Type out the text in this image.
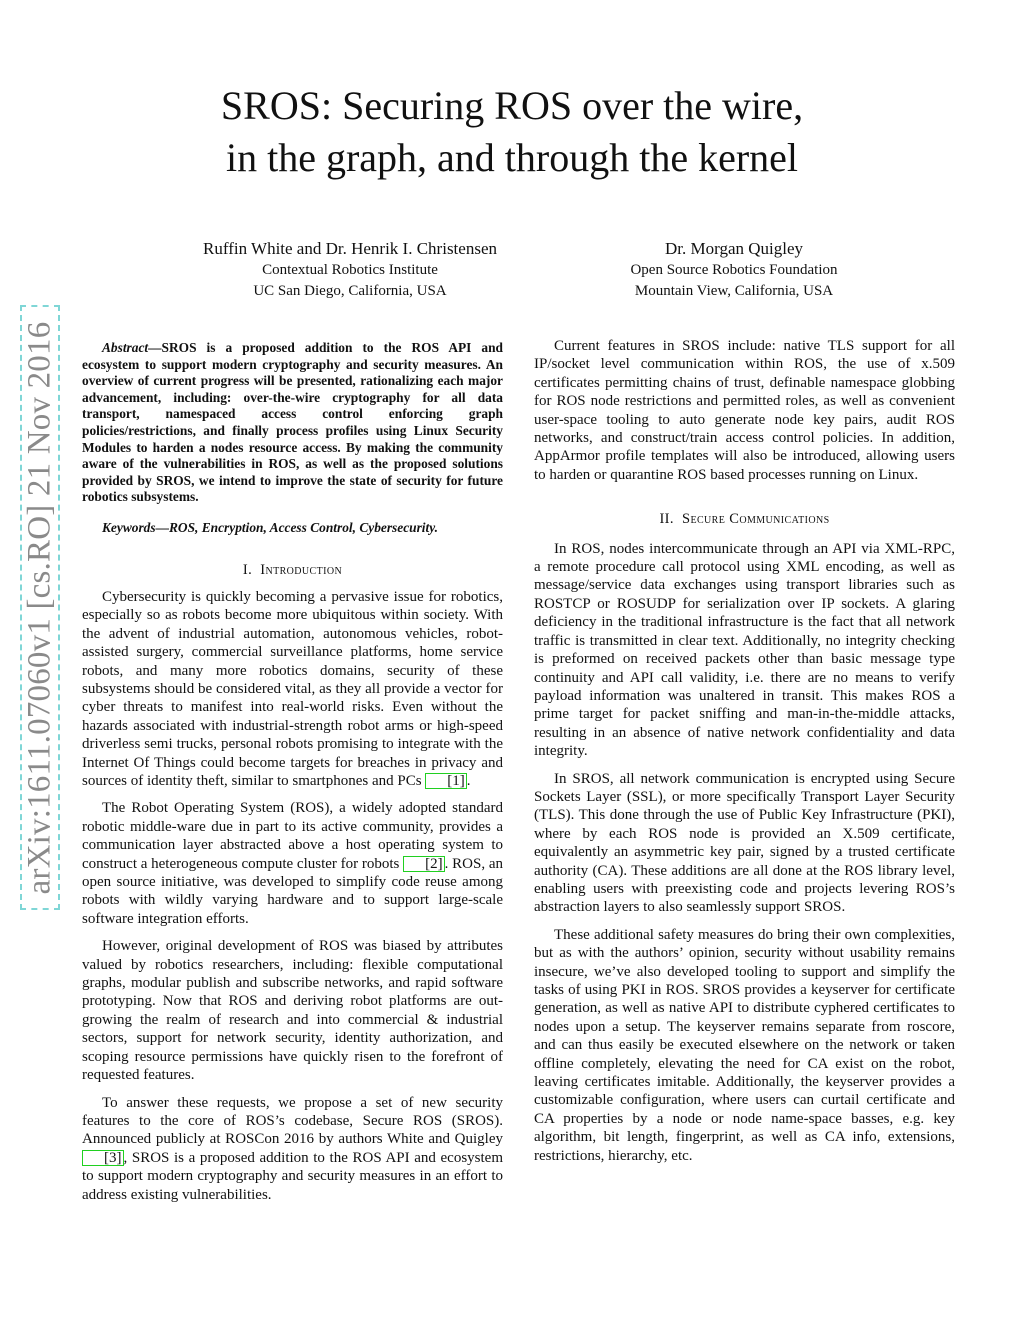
SROS: Securing ROS over the wire,
in the graph, and through the kernel
Ruffin White and Dr. Henrik I. Christensen
Contextual Robotics Institute
UC San Diego, California, USA
Dr. Morgan Quigley
Open Source Robotics Foundation
Mountain View, California, USA
arXiv:1611.07060v1 [cs.RO] 21 Nov 2016	Abstract—SROS is a proposed addition to the ROS API and ecosystem to support modern cryptography and security measures. An overview of current progress will be presented, rationalizing each major advancement, including: over-the-wire cryptography for all data transport, namespaced access control enforcing graph policies/restrictions, and finally process profiles using Linux Security Modules to harden a nodes resource access. By making the community aware of the vulnerabilities in ROS, as well as the proposed solutions provided by SROS, we intend to improve the state of security for future robotics subsystems.

Keywords—ROS, Encryption, Access Control, Cybersecurity.

I. Introduction

Cybersecurity is quickly becoming a pervasive issue for robotics, especially so as robots become more ubiquitous within society. With the advent of industrial automation, autonomous vehicles, robot-assisted surgery, commercial surveillance platforms, home service robots, and many more robotics domains, security of these subsystems should be considered vital, as they all provide a vector for cyber threats to manifest into real-world risks. Even without the hazards associated with industrial-strength robot arms or high-speed driverless semi trucks, personal robots promising to integrate with the Internet Of Things could become targets for breaches in privacy and sources of identity theft, similar to smartphones and PCs [1] .

The Robot Operating System (ROS), a widely adopted standard robotic middle-ware due in part to its active community, provides a communication layer abstracted above a host operating system to construct a heterogeneous compute cluster for robots [2] . ROS, an open source initiative, was developed to simplify code reuse among robots with wildly varying hardware and to support large-scale software integration efforts.

However, original development of ROS was biased by attributes valued by robotics researchers, including: flexible computational graphs, modular publish and subscribe networks, and rapid software prototyping. Now that ROS and deriving robot platforms are out-growing the realm of research and into commercial & industrial sectors, support for network security, identity authorization, and scoping resource permissions have quickly risen to the forefront of requested features.

To answer these requests, we propose a set of new security features to the core of ROS’s codebase, Secure ROS (SROS). Announced publicly at ROSCon 2016 by authors White and Quigley [3] , SROS is a proposed addition to the ROS API and ecosystem to support modern cryptography and security measures in an effort to address existing vulnerabilities.

Current features in SROS include: native TLS support for all IP/socket level communication within ROS, the use of x.509 certificates permitting chains of trust, definable namespace globbing for ROS node restrictions and permitted roles, as well as convenient user-space tooling to auto generate node key pairs, audit ROS networks, and construct/train access control policies. In addition, AppArmor profile templates will also be introduced, allowing users to harden or quarantine ROS based processes running on Linux.

II. Secure Communications

In ROS, nodes intercommunicate through an API via XML-RPC, a remote procedure call protocol using XML encoding, as well as message/service data exchanges using transport libraries such as ROSTCP or ROSUDP for serialization over IP sockets. A glaring deficiency in the traditional infrastructure is the fact that all network traffic is transmitted in clear text. Additionally, no integrity checking is preformed on received packets other than basic message type continuity and API call validity, i.e. there are no means to verify payload information was unaltered in transit. This makes ROS a prime target for packet sniffing and man-in-the-middle attacks, resulting in an absence of native network confidentiality and data integrity.

In SROS, all network communication is encrypted using Secure Sockets Layer (SSL), or more specifically Transport Layer Security (TLS). This done through the use of Public Key Infrastructure (PKI), where by each ROS node is provided an X.509 certificate, equivalently an asymmetric key pair, signed by a trusted certificate authority (CA). These additions are all done at the ROS library level, enabling users with preexisting code and projects levering ROS’s abstraction layers to also seamlessly support SROS.

These additional safety measures do bring their own complexities, but as with the authors’ opinion, security without usability remains insecure, we’ve also developed tooling to support and simplify the tasks of using PKI in ROS. SROS provides a keyserver for certificate generation, as well as native API to distribute cyphered certificates to nodes upon a setup. The keyserver remains separate from roscore, and can thus easily be executed elsewhere on the network or taken offline completely, elevating the need for CA exist on the robot, leaving certificates imitable. Additionally, the keyserver provides a customizable configuration, where users can curtail certificate and CA properties by a node or node name-space basses, e.g. key algorithm, bit length, fingerprint, as well as CA info, extensions, restrictions, hierarchy, etc.
